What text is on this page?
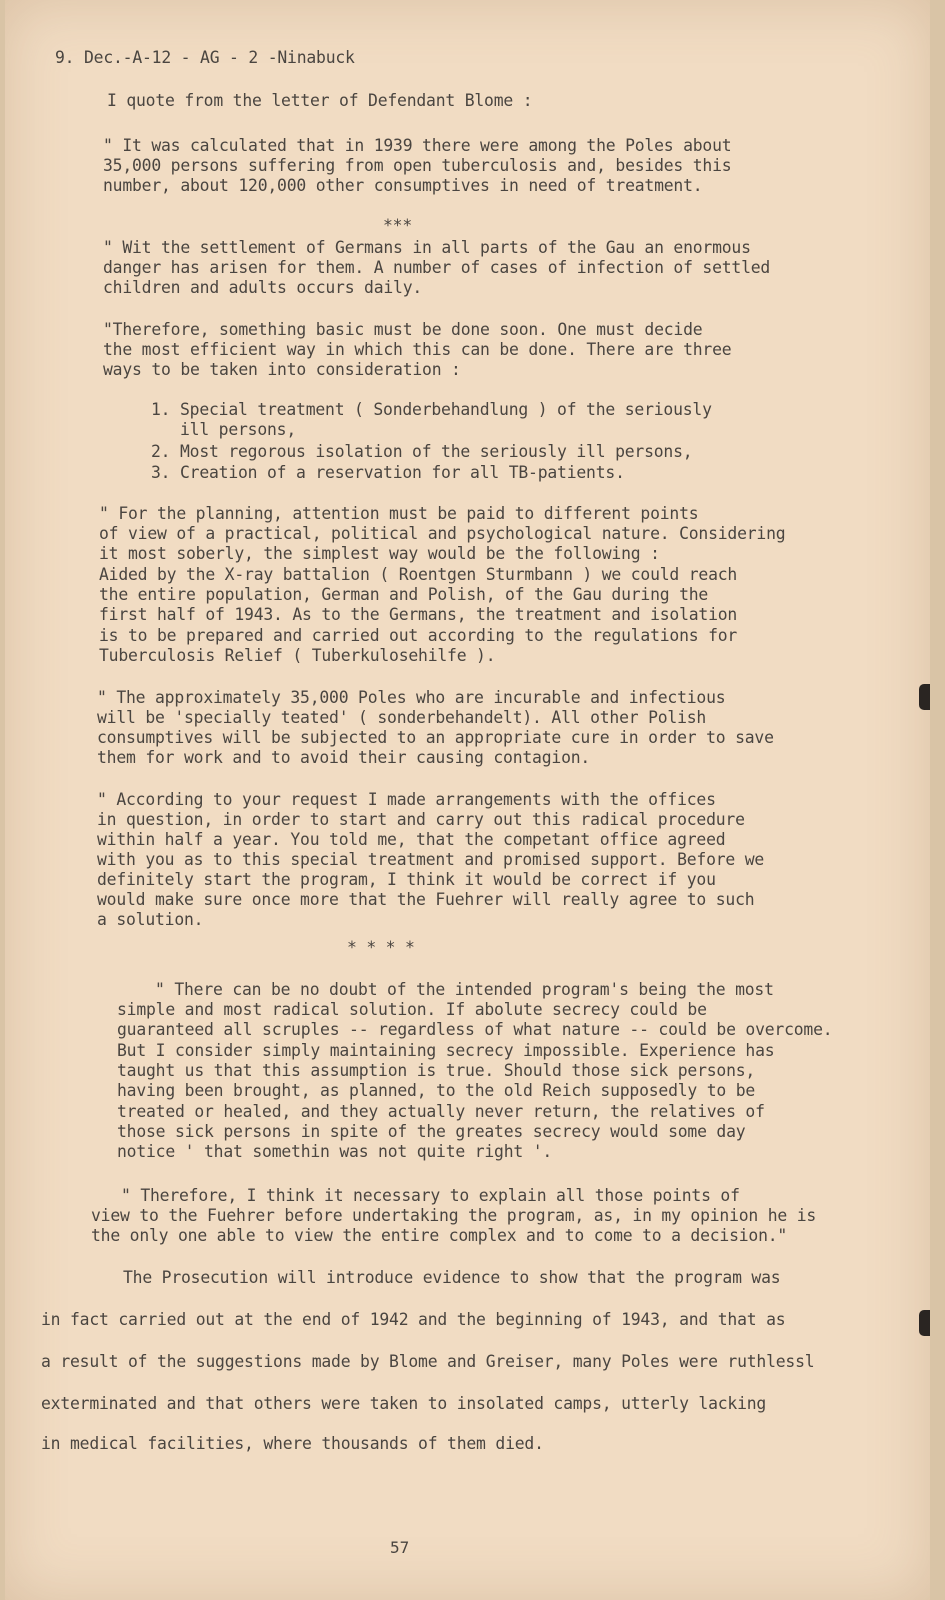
9. Dec.-A-12 - AG - 2 -Ninabuck
I quote from the letter of Defendant Blome :
" It was calculated that in 1939 there were among the Poles about
35,000 persons suffering from open tuberculosis and, besides this
number, about 120,000 other consumptives in need of treatment.
***
" Wit the settlement of Germans in all parts of the Gau an enormous
danger has arisen for them. A number of cases of infection of settled
children and adults occurs daily.
"Therefore, something basic must be done soon. One must decide
the most efficient way in which this can be done. There are three
ways to be taken into consideration :
1. Special treatment ( Sonderbehandlung ) of the seriously
ill persons,
2. Most regorous isolation of the seriously ill persons,
3. Creation of a reservation for all TB-patients.
" For the planning, attention must be paid to different points
of view of a practical, political and psychological nature. Considering
it most soberly, the simplest way would be the following :
Aided by the X-ray battalion ( Roentgen Sturmbann ) we could reach
the entire population, German and Polish, of the Gau during the
first half of 1943. As to the Germans, the treatment and isolation
is to be prepared and carried out according to the regulations for
Tuberculosis Relief ( Tuberkulosehilfe ).
" The approximately 35,000 Poles who are incurable and infectious
will be 'specially teated' ( sonderbehandelt). All other Polish
consumptives will be subjected to an appropriate cure in order to save
them for work and to avoid their causing contagion.
" According to your request I made arrangements with the offices
in question, in order to start and carry out this radical procedure
within half a year. You told me, that the competant office agreed
with you as to this special treatment and promised support. Before we
definitely start the program, I think it would be correct if you
would make sure once more that the Fuehrer will really agree to such
a solution.
* * * *
" There can be no doubt of the intended program's being the most
simple and most radical solution. If abolute secrecy could be
guaranteed all scruples -- regardless of what nature -- could be overcome.
But I consider simply maintaining secrecy impossible. Experience has
taught us that this assumption is true. Should those sick persons,
having been brought, as planned, to the old Reich supposedly to be
treated or healed, and they actually never return, the relatives of
those sick persons in spite of the greates secrecy would some day
notice ' that somethin was not quite right '.
" Therefore, I think it necessary to explain all those points of
view to the Fuehrer before undertaking the program, as, in my opinion he is
the only one able to view the entire complex and to come to a decision."
The Prosecution will introduce evidence to show that the program was
in fact carried out at the end of 1942 and the beginning of 1943, and that as
a result of the suggestions made by Blome and Greiser, many Poles were ruthlessl
exterminated and that others were taken to insolated camps, utterly lacking
in medical facilities, where thousands of them died.
57
